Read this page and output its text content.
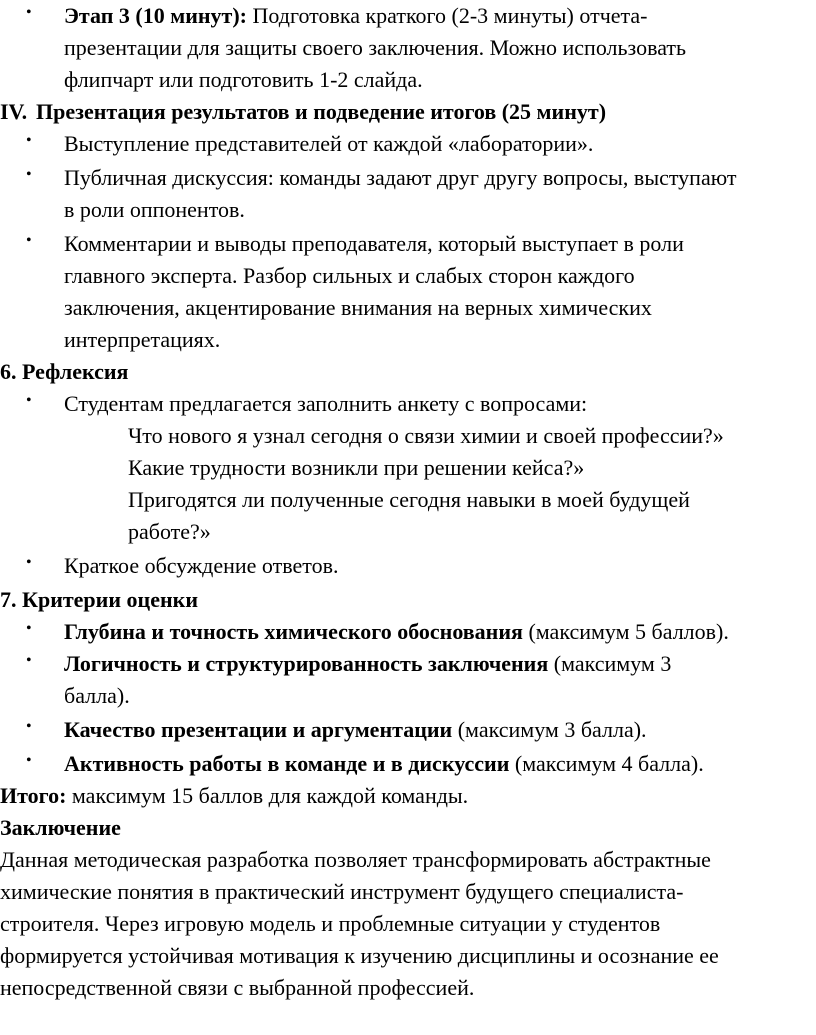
• Этап 3 (10 минут): Подготовка краткого (2-3 минуты) отчета-
презентации для защиты своего заключения. Можно использовать
флипчарт или подготовить 1-2 слайда.
IV. Презентация результатов и подведение итогов (25 минут)
• Выступление представителей от каждой «лаборатории».
• Публичная дискуссия: команды задают друг другу вопросы, выступают
в роли оппонентов.
• Комментарии и выводы преподавателя, который выступает в роли
главного эксперта. Разбор сильных и слабых сторон каждого
заключения, акцентирование внимания на верных химических
интерпретациях.
6. Рефлексия
• Студентам предлагается заполнить анкету с вопросами:
Что нового я узнал сегодня о связи химии и своей профессии?»
Какие трудности возникли при решении кейса?»
Пригодятся ли полученные сегодня навыки в моей будущей
работе?»
• Краткое обсуждение ответов.
7. Критерии оценки
• Глубина и точность химического обоснования (максимум 5 баллов).
• Логичность и структурированность заключения (максимум 3
балла).
• Качество презентации и аргументации (максимум 3 балла).
• Активность работы в команде и в дискуссии (максимум 4 балла).
Итого: максимум 15 баллов для каждой команды.
Заключение
Данная методическая разработка позволяет трансформировать абстрактные
химические понятия в практический инструмент будущего специалиста-
строителя. Через игровую модель и проблемные ситуации у студентов
формируется устойчивая мотивация к изучению дисциплины и осознание ее
непосредственной связи с выбранной профессией.
